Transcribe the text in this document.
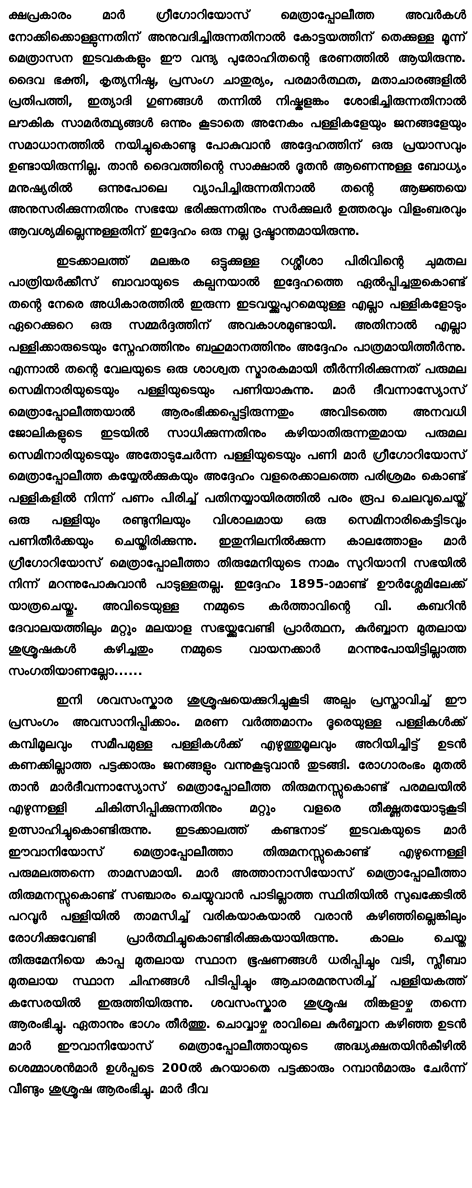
ക്ഷപ്രകാരം മാർ ഗ്രീഗോറിയോസ് മെത്രാപ്പോലീത്ത അവർകൾ നോക്കിക്കൊള്ളുന്നതിന് അനുവദിച്ചിരുന്നതിനാൽ കോട്ടയത്തിന് തെക്കുള്ള മൂന്ന് മെത്രാസന ഇടവകകളും ഈ വന്ദ്യ പുരോഹിതന്റെ ഭരണത്തിൽ ആയിരുന്നു. ദൈവ ഭക്തി, കൃത്യനിഷ്ഠ, പ്രസംഗ ചാതുര്യം, പരമാർത്ഥത, മതാചാരങ്ങളിൽ പ്രതിപത്തി, ഇത്യാദി ഗുണങ്ങൾ തന്നിൽ നിഷ്കളങ്കം ശോഭിച്ചിരുന്നതിനാൽ ലൗകിക സാമർത്ഥ്യങ്ങൾ ഒന്നും കൂടാതെ അനേകം പള്ളികളേയും ജനങ്ങളേയും സമാധാനത്തിൽ നയിച്ചുകൊണ്ടു പോകുവാൻ അദ്ദേഹത്തിന് ഒരു പ്രയാസവും ഉണ്ടായിരുന്നില്ല. താൻ ദൈവത്തിന്റെ സാക്ഷാൽ ദൂതൻ ആണെന്നുള്ള ബോധ്യം മനുഷ്യരിൽ ഒന്നുപോലെ വ്യാപിച്ചിരുന്നതിനാൽ തന്റെ ആജ്ഞയെ അനുസരിക്കുന്നതിനും സഭയേ ഭരിക്കുന്നതിനും സർക്കുലർ ഉത്തരവും വിളംബരവും ആവശ്യമില്ലെന്നുള്ളതിന് ഇദ്ദേഹം ഒരു നല്ല ദൃഷ്ടാന്തമായിരുന്നു.

ഇടക്കാലത്ത് മലങ്കര ഒട്ടുക്കുള്ള റശ്ശീശാ പിരിവിന്റെ ചുമതല പാത്രിയർക്കീസ് ബാവായുടെ കല്പനയാൽ ഇദ്ദേഹത്തെ ഏൽപ്പിച്ചതുകൊണ്ട് തന്റെ നേരെ അധികാരത്തിൽ ഇരുന്ന ഇടവയ്ക്കുപുറമെയുള്ള എല്ലാ പള്ളികളോടും ഏറെക്കുറെ ഒരു സമ്മർദ്ദത്തിന് അവകാശമുണ്ടായി. അതിനാൽ എല്ലാ പള്ളിക്കാരുടെയും സ്നേഹത്തിനും ബഹുമാനത്തിനും അദ്ദേഹം പാത്രമായിത്തീർന്നു. എന്നാൽ തന്റെ വേലയുടെ ഒരു ശാശ്വത സ്മാരകമായി തീർന്നിരിക്കുന്നത് പരുമല സെമിനാരിയുടെയും പള്ളിയുടെയും പണിയാകുന്നു. മാർ ദീവന്നാസ്യോസ് മെത്രാപ്പോലീത്തയാൽ ആരംഭിക്കപ്പെട്ടിരുന്നതും അവിടത്തെ അനവധി ജോലികളുടെ ഇടയിൽ സാധിക്കുന്നതിനും കഴിയാതിരുന്നതുമായ പരുമല സെമിനാരിയുടെയും അതോടുചേർന്ന പള്ളിയുടെയും പണി മാർ ഗ്രീഗോറിയോസ് മെത്രാപ്പോലീത്ത കയ്യേൽക്കുകയും അദ്ദേഹം വളരെക്കാലത്തെ പരിശ്രമം കൊണ്ട് പള്ളികളിൽ നിന്ന് പണം പിരിച്ച് പതിനയ്യായിരത്തിൽ പരം രൂപ ചെലവുചെയ്ത് ഒരു പള്ളിയും രണ്ടുനിലയും വിശാലമായ ഒരു സെമിനാരികെട്ടിടവും പണിതീർക്കയും ചെയ്തിരിക്കുന്നു. ഇതുനിലനിൽക്കുന്ന കാലത്തോളം മാർ ഗ്രീഗോറിയോസ് മെത്രാപ്പോലീത്താ തിരുമേനിയുടെ നാമം സുറിയാനി സഭയിൽ നിന്ന് മറന്നുപോകുവാൻ പാടുള്ളതല്ല. ഇദ്ദേഹം 1895-ാമാണ്ട് ഊർശ്ലേമിലേക്ക് യാത്രചെയ്തു. അവിടെയുള്ള നമ്മുടെ കർത്താവിന്റെ വി. കബറിൻ ദേവാലയത്തിലും മറ്റും മലയാള സഭയ്ക്കുവേണ്ടി പ്രാർത്ഥന, കുർബ്ബാന മുതലായ ശുശ്രൂഷകൾ കഴിച്ചതും നമ്മുടെ വായനക്കാർ മറന്നുപോയിട്ടില്ലാത്ത സംഗതിയാണല്ലോ......

ഇനി ശവസംസ്കാര ശുശ്രൂഷയെക്കുറിച്ചുകൂടി അല്പം പ്രസ്താവിച്ച് ഈ പ്രസംഗം അവസാനിപ്പിക്കാം. മരണ വർത്തമാനം ദൂരെയുള്ള പള്ളികൾക്ക് കമ്പിമൂലവും സമീപമുള്ള പള്ളികൾക്ക് എഴുത്തുമൂലവും അറിയിച്ചിട്ട് ഉടൻ കണക്കില്ലാത്ത പട്ടക്കാരും ജനങ്ങളും വന്നുകൂടുവാൻ തുടങ്ങി. രോഗാരംഭം മുതൽ താൻ മാർദീവന്നാസ്യോസ് മെത്രാപ്പോലീത്ത തിരുമനസ്സുകൊണ്ട് പരമലയിൽ എഴുന്നള്ളി ചികിത്സിപ്പിക്കുന്നതിനും മറ്റും വളരെ തീക്ഷ്ണതയോടുകൂടി ഉത്സാഹിച്ചുകൊണ്ടിരുന്നു. ഇടക്കാലത്ത് കണ്ടനാട് ഇടവകയുടെ മാർ ഈവാനിയോസ് മെത്രാപ്പോലീത്താ തിരുമനസ്സുകൊണ്ട് എഴുന്നെള്ളി പരുമലത്തന്നെ താമസമായി. മാർ അത്താനാസിയോസ് മെത്രാപ്പോലീത്താ തിരുമനസ്സുകൊണ്ട് സഞ്ചാരം ചെയ്യുവാൻ പാടില്ലാത്ത സ്ഥിതിയിൽ സുഖക്കേടിൽ പറവൂർ പള്ളിയിൽ താമസിച്ച് വരികയാകയാൽ വരാൻ കഴിഞ്ഞില്ലെങ്കിലും രോഗിക്കുവേണ്ടി പ്രാർത്ഥിച്ചുകൊണ്ടിരിക്കുകയായിരുന്നു. കാലം ചെയ്ത തിരുമേനിയെ കാപ്പ മുതലായ സ്ഥാന ഭൂഷണങ്ങൾ ധരിപ്പിച്ചും വടി, സ്ലീബാ മുതലായ സ്ഥാന ചിഹ്നങ്ങൾ പിടിപ്പിച്ചും ആചാരമനുസരിച്ച് പള്ളിയകത്ത് കസേരയിൽ ഇരുത്തിയിരുന്നു. ശവസംസ്കാര ശുശ്രൂഷ തിങ്കളാഴ്ച തന്നെ ആരംഭിച്ചു. ഏതാനും ഭാഗം തീർത്തു. ചൊവ്വാഴ്ച രാവിലെ കുർബ്ബാന കഴിഞ്ഞ ഉടൻ മാർ ഈവാനിയോസ് മെത്രാപ്പോലീത്തായുടെ അദ്ധ്യക്ഷതയിൻകീഴിൽ ശെമ്മാശൻമാർ ഉൾപ്പടെ 200ൽ കുറയാതെ പട്ടക്കാരും റമ്പാൻമാരും ചേർന്ന് വീണ്ടും ശുശ്രൂഷ ആരംഭിച്ചു. മാർ ദീവ
